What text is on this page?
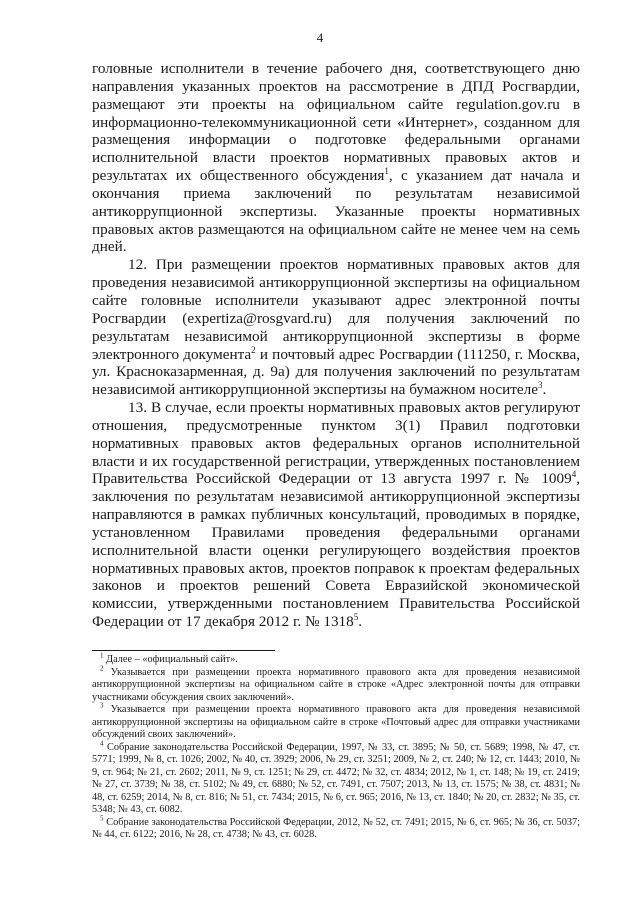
4

головные исполнители в течение рабочего дня, соответствующего дню направления указанных проектов на рассмотрение в ДПД Росгвардии, размещают эти проекты на официальном сайте regulation.gov.ru в информационно-телекоммуникационной сети «Интернет», созданном для размещения информации о подготовке федеральными органами исполнительной власти проектов нормативных правовых актов и результатах их общественного обсуждения$^1$, с указанием дат начала и окончания приема заключений по результатам независимой антикоррупционной экспертизы. Указанные проекты нормативных правовых актов размещаются на официальном сайте не менее чем на семь дней.

12. При размещении проектов нормативных правовых актов для проведения независимой антикоррупционной экспертизы на официальном сайте головные исполнители указывают адрес электронной почты Росгвардии (expertiza@rosgvard.ru) для получения заключений по результатам независимой антикоррупционной экспертизы в форме электронного документа$^2$ и почтовый адрес Росгвардии (111250, г. Москва, ул. Красноказарменная, д. 9а) для получения заключений по результатам независимой антикоррупционной экспертизы на бумажном носителе$^3$.

13. В случае, если проекты нормативных правовых актов регулируют отношения, предусмотренные пунктом 3(1) Правил подготовки нормативных правовых актов федеральных органов исполнительной власти и их государственной регистрации, утвержденных постановлением Правительства Российской Федерации от 13 августа 1997 г. № 1009$^4$, заключения по результатам независимой антикоррупционной экспертизы направляются в рамках публичных консультаций, проводимых в порядке, установленном Правилами проведения федеральными органами исполнительной власти оценки регулирующего воздействия проектов нормативных правовых актов, проектов поправок к проектам федеральных законов и проектов решений Совета Евразийской экономической комиссии, утвержденными постановлением Правительства Российской Федерации от 17 декабря 2012 г. № 1318$^5$.

$^1$ Далее – «официальный сайт».

$^2$ Указывается при размещении проекта нормативного правового акта для проведения независимой антикоррупционной экспертизы на официальном сайте в строке «Адрес электронной почты для отправки участниками обсуждения своих заключений».

$^3$ Указывается при размещении проекта нормативного правового акта для проведения независимой антикоррупционной экспертизы на официальном сайте в строке «Почтовый адрес для отправки участниками обсуждений своих заключений».

$^4$ Собрание законодательства Российской Федерации, 1997, № 33, ст. 3895; № 50, ст. 5689; 1998, № 47, ст. 5771; 1999, № 8, ст. 1026; 2002, № 40, ст. 3929; 2006, № 29, ст. 3251; 2009, № 2, ст. 240; № 12, ст. 1443; 2010, № 9, ст. 964; № 21, ст. 2602; 2011, № 9, ст. 1251; № 29, ст. 4472; № 32, ст. 4834; 2012, № 1, ст. 148; № 19, ст. 2419; № 27, ст. 3739; № 38, ст. 5102; № 49, ст. 6880; № 52, ст. 7491, ст. 7507; 2013, № 13, ст. 1575; № 38, ст. 4831; № 48, ст. 6259; 2014, № 8, ст. 816; № 51, ст. 7434; 2015, № 6, ст. 965; 2016, № 13, ст. 1840; № 20, ст. 2832; № 35, ст. 5348; № 43, ст. 6082.

$^5$ Собрание законодательства Российской Федерации, 2012, № 52, ст. 7491; 2015, № 6, ст. 965; № 36, ст. 5037; № 44, ст. 6122; 2016, № 28, ст. 4738; № 43, ст. 6028.
